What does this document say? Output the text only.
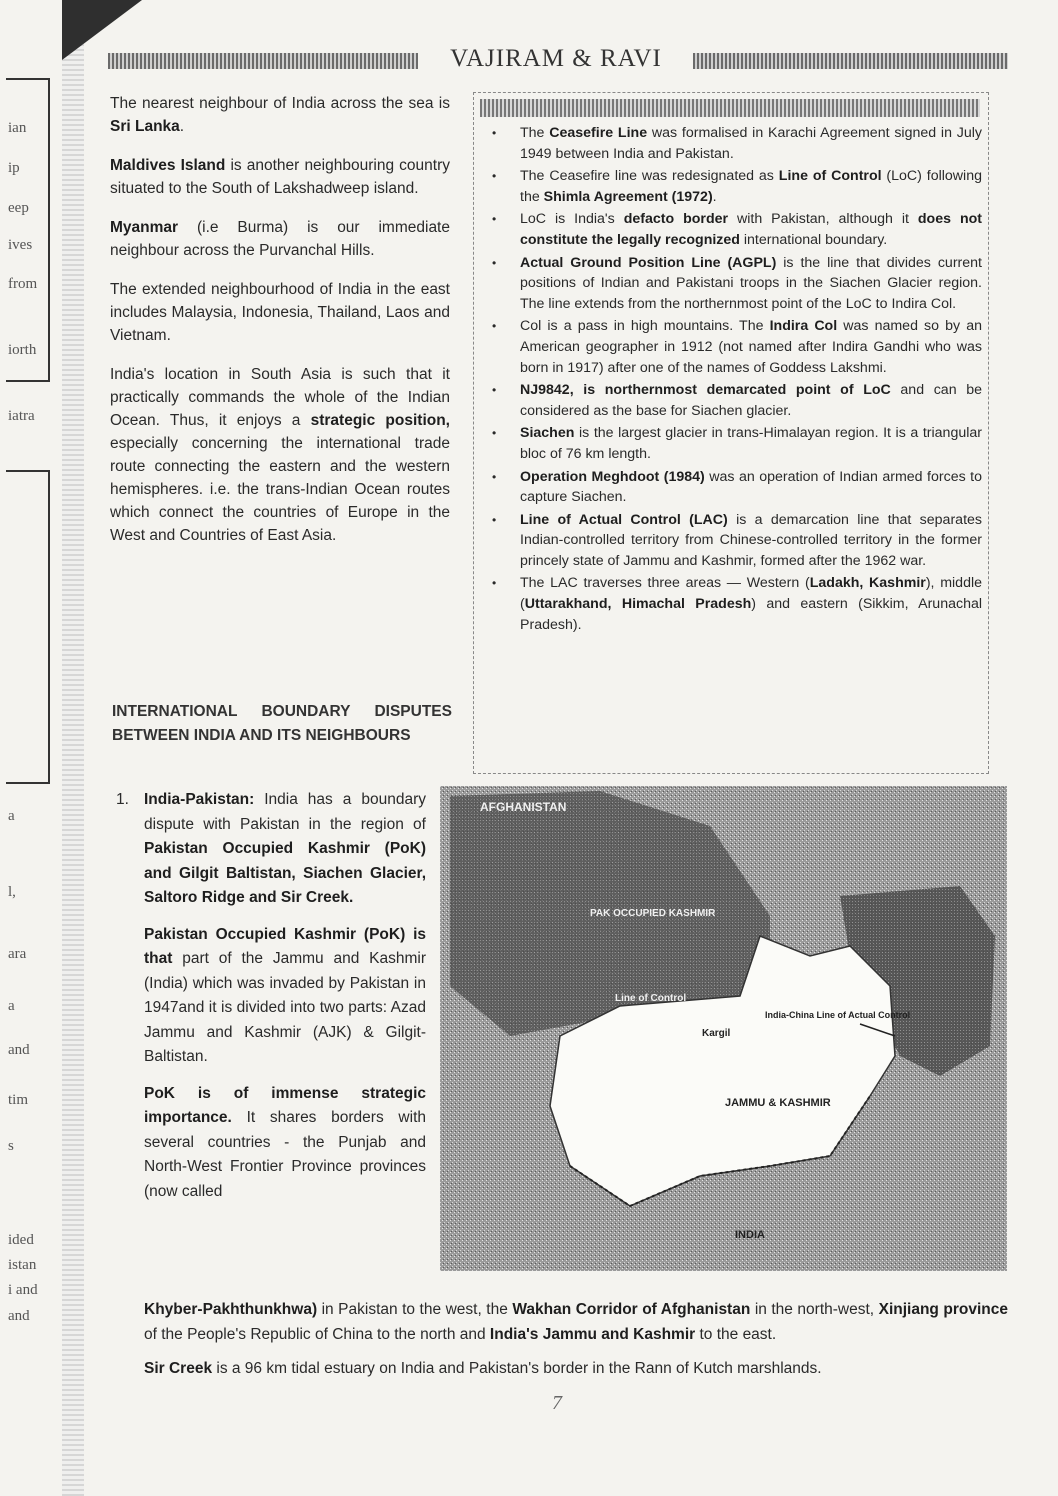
ian
ip
eep
ives
from
iorth
iatra
a
l,
ara
a
and
tim
s
ided
istan
i and
and
VAJIRAM & RAVI

The nearest neighbour of India across the sea is Sri Lanka.

Maldives Island is another neighbouring country situated to the South of Lakshadweep island.

Myanmar (i.e Burma) is our immediate neighbour across the Purvanchal Hills.

The extended neighbourhood of India in the east includes Malaysia, Indonesia, Thailand, Laos and Vietnam.

India's location in South Asia is such that it practically commands the whole of the Indian Ocean. Thus, it enjoys a strategic position, especially concerning the international trade route connecting the eastern and the western hemispheres. i.e. the trans-Indian Ocean routes which connect the countries of Europe in the West and Countries of East Asia.

INTERNATIONAL BOUNDARY DISPUTES BETWEEN INDIA AND ITS NEIGHBOURS
• The Ceasefire Line was formalised in Karachi Agreement signed in July 1949 between India and Pakistan.
• The Ceasefire line was redesignated as Line of Control (LoC) following the Shimla Agreement (1972).
• LoC is India's defacto border with Pakistan, although it does not constitute the legally recognized international boundary.
• Actual Ground Position Line (AGPL) is the line that divides current positions of Indian and Pakistani troops in the Siachen Glacier region. The line extends from the northernmost point of the LoC to Indira Col.
• Col is a pass in high mountains. The Indira Col was named so by an American geographer in 1912 (not named after Indira Gandhi who was born in 1917) after one of the names of Goddess Lakshmi.
• NJ9842, is northernmost demarcated point of LoC and can be considered as the base for Siachen glacier.
• Siachen is the largest glacier in trans-Himalayan region. It is a triangular bloc of 76 km length.
• Operation Meghdoot (1984) was an operation of Indian armed forces to capture Siachen.
• Line of Actual Control (LAC) is a demarcation line that separates Indian-controlled territory from Chinese-controlled territory in the former princely state of Jammu and Kashmir, formed after the 1962 war.
• The LAC traverses three areas — Western (Ladakh, Kashmir), middle (Uttarakhand, Himachal Pradesh) and eastern (Sikkim, Arunachal Pradesh).
1. India-Pakistan: India has a boundary dispute with Pakistan in the region of Pakistan Occupied Kashmir (PoK) and Gilgit Baltistan, Siachen Glacier, Saltoro Ridge and Sir Creek.

Pakistan Occupied Kashmir (PoK) is that part of the Jammu and Kashmir (India) which was invaded by Pakistan in 1947and it is divided into two parts: Azad Jammu and Kashmir (AJK) & Gilgit-Baltistan.

PoK is of immense strategic importance. It shares borders with several countries - the Punjab and North-West Frontier Province provinces (now called

AFGHANISTAN
PAK OCCUPIED KASHMIR
Line of Control
Kargil
India-China Line of Actual Control
JAMMU & KASHMIR
INDIA

Khyber-Pakhthunkhwa) in Pakistan to the west, the Wakhan Corridor of Afghanistan in the north-west, Xinjiang province of the People's Republic of China to the north and India's Jammu and Kashmir to the east.

Sir Creek is a 96 km tidal estuary on India and Pakistan's border in the Rann of Kutch marshlands.

7
